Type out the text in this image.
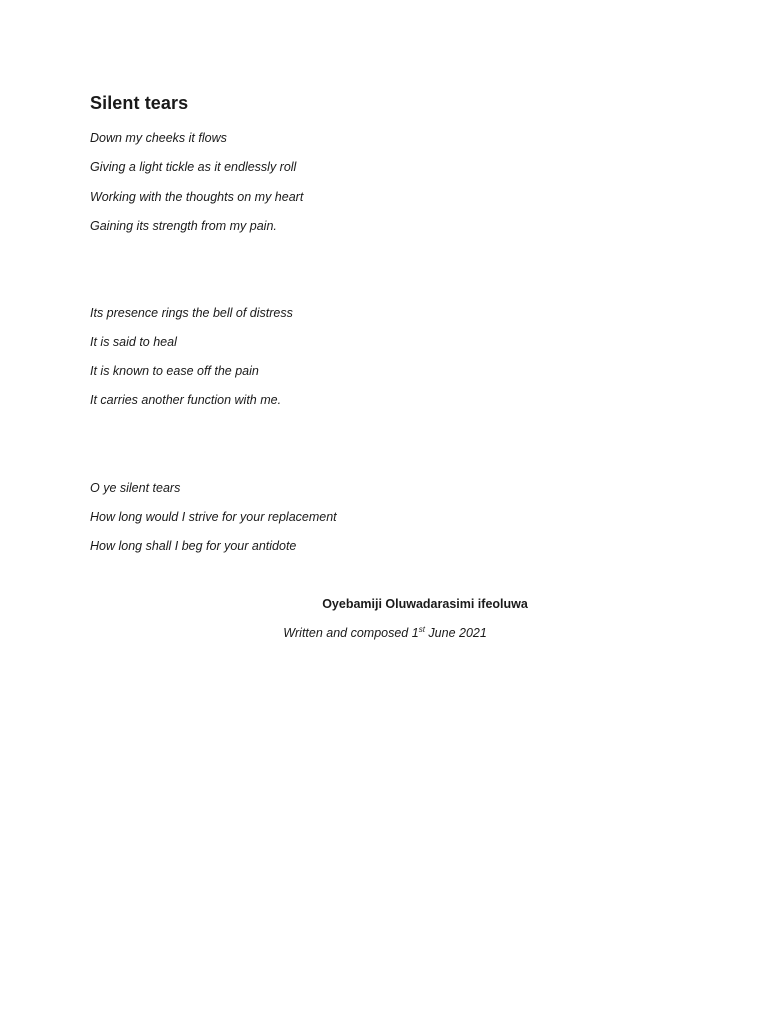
Silent tears
Down my cheeks it flows
Giving a light tickle as it endlessly roll
Working with the thoughts on my heart
Gaining its strength from my pain.
Its presence rings the bell of distress
It is said to heal
It is known to ease off the pain
It carries another function with me.
O ye silent tears
How long would I strive for your replacement
How long shall I beg for your antidote
Oyebamiji Oluwadarasimi ifeoluwa
Written and composed 1st June 2021
